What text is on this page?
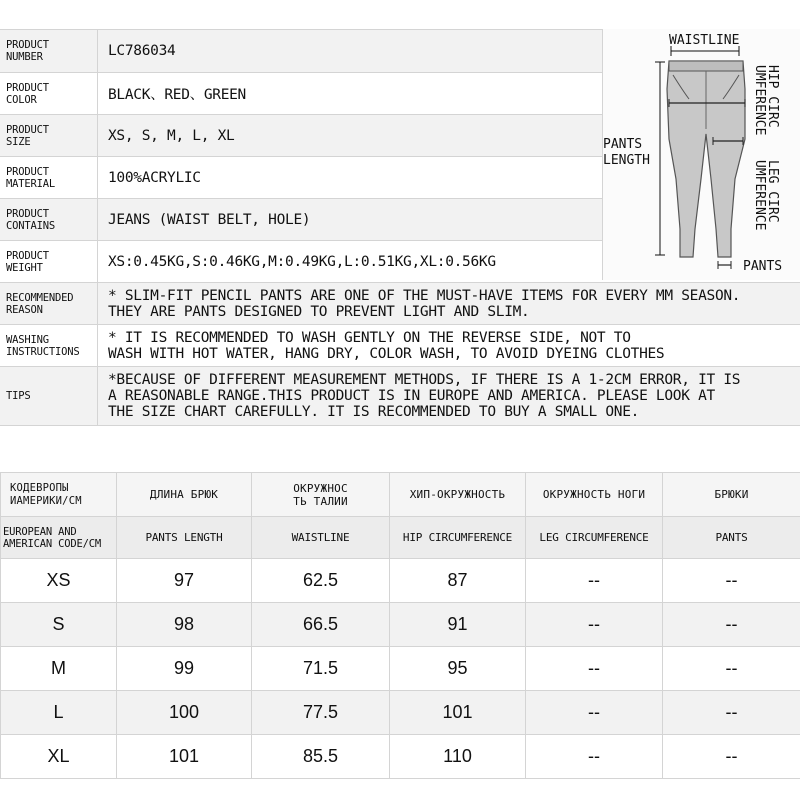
PRODUCT
NUMBER	LC786034
PRODUCT
COLOR	BLACK、RED、GREEN
PRODUCT
SIZE	XS, S, M, L, XL
PRODUCT
MATERIAL	100%ACRYLIC
PRODUCT
CONTAINS	JEANS (WAIST BELT, HOLE)
PRODUCT
WEIGHT	XS:0.45KG,S:0.46KG,M:0.49KG,L:0.51KG,XL:0.56KG
RECOMMENDED
REASON
* SLIM-FIT PENCIL PANTS ARE ONE OF THE MUST-HAVE ITEMS FOR EVERY MM SEASON.
THEY ARE PANTS DESIGNED TO PREVENT LIGHT AND SLIM.
WASHING
INSTRUCTIONS
* IT IS RECOMMENDED TO WASH GENTLY ON THE REVERSE SIDE, NOT TO
WASH WITH HOT WATER, HANG DRY, COLOR WASH, TO AVOID DYEING CLOTHES
TIPS
*BECAUSE OF DIFFERENT MEASUREMENT METHODS, IF THERE IS A 1-2CM ERROR, IT IS
A REASONABLE RANGE.THIS PRODUCT IS IN EUROPE AND AMERICA. PLEASE LOOK AT
THE SIZE CHART CAREFULLY. IT IS RECOMMENDED TO BUY A SMALL ONE.
WAISTLINE
PANTS
LENGTH
HIP CIRC
UMFERENCE
LEG CIRC
UMFERENCE
PANTS
КОДЕВРОПЫ
ИАМЕРИКИ/CM	ДЛИНА БРЮК	ОКРУЖНОС
ТЬ ТАЛИИ	ХИП-ОКРУЖНОСТЬ	ОКРУЖНОСТЬ НОГИ	БРЮКИ
EUROPEAN AND
AMERICAN CODE/CM	PANTS LENGTH	WAISTLINE	HIP CIRCUMFERENCE	LEG CIRCUMFERENCE	PANTS
XS	97	62.5	87	--	--
S	98	66.5	91	--	--
M	99	71.5	95	--	--
L	100	77.5	101	--	--
XL	101	85.5	110	--	--
